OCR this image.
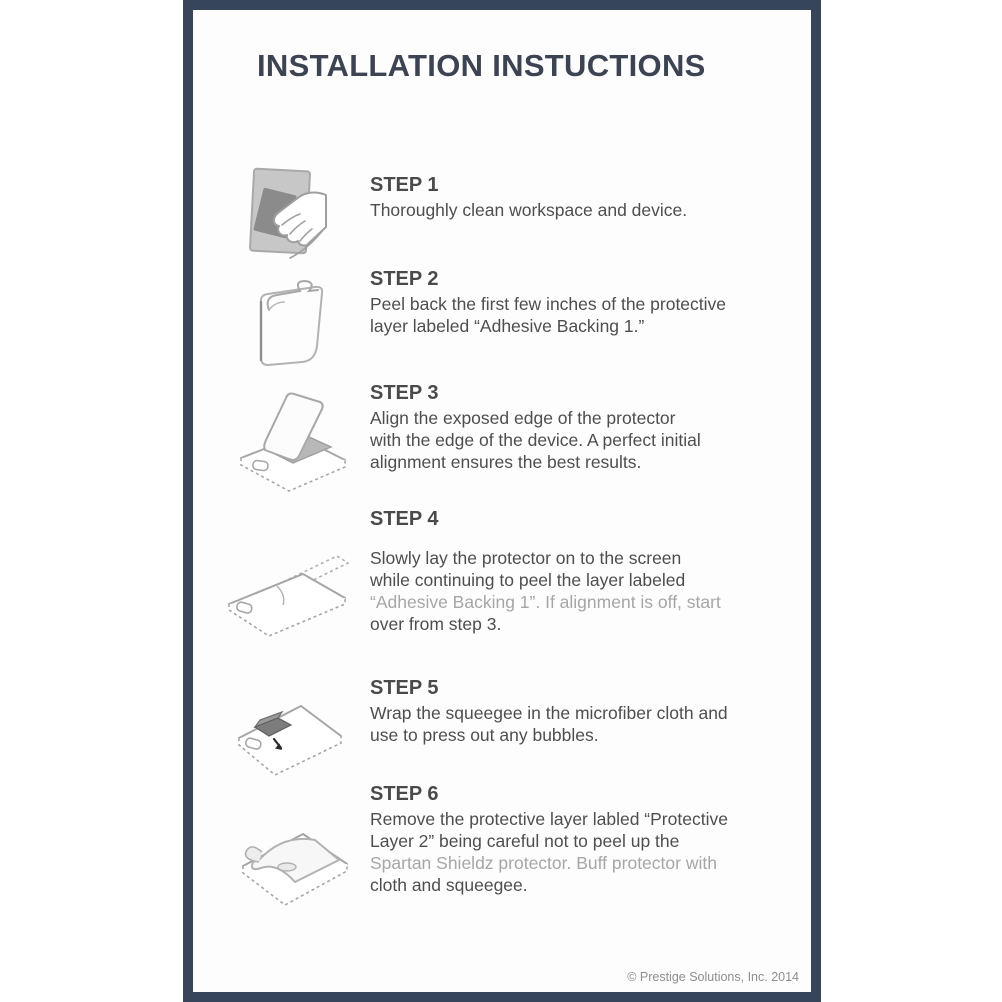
INSTALLATION INSTUCTIONS
STEP 1
Thoroughly clean workspace and device.
STEP 2
Peel back the first few inches of the protective
layer labeled “Adhesive Backing 1.”
STEP 3
Align the exposed edge of the protector
with the edge of the device. A perfect initial
alignment ensures the best results.
STEP 4
Slowly lay the protector on to the screen
while continuing to peel the layer labeled
“Adhesive Backing 1”. If alignment is off, start
over from step 3.
STEP 5
Wrap the squeegee in the microfiber cloth and
use to press out any bubbles.
STEP 6
Remove the protective layer labled “Protective
Layer 2” being careful not to peel up the
Spartan Shieldz protector. Buff protector with
cloth and squeegee.
© Prestige Solutions, Inc. 2014
